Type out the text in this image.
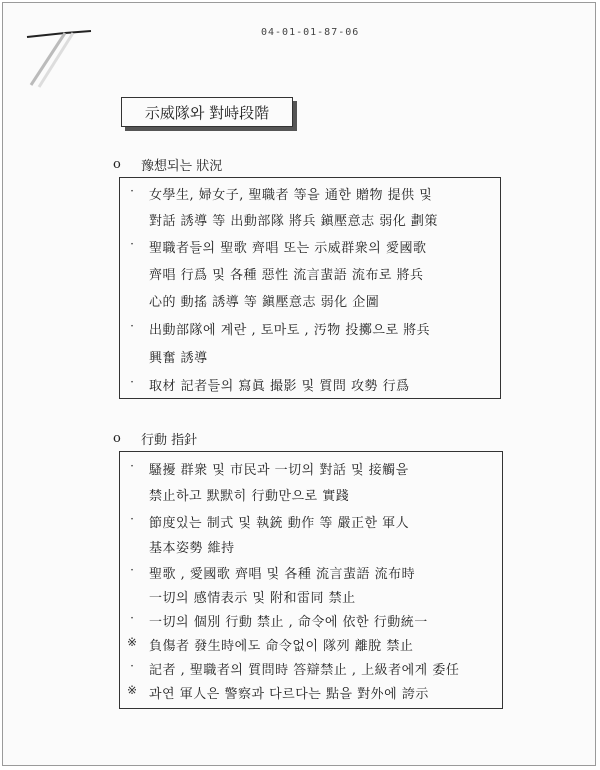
04-01-01-87-06
示威隊와 對峙段階
o	豫想되는 狀況
o	行動 指針
·	女學生, 婦女子, 聖職者 等을 通한 贈物 提供 및
對話 誘導 等 出動部隊 將兵 鎭壓意志 弱化 劃策
·	聖職者들의 聖歌 齊唱 또는 示威群衆의 愛國歌
齊唱 行爲 및 各種 惡性 流言蜚語 流布로 將兵
心的 動搖 誘導 等 鎭壓意志 弱化 企圖
·	出動部隊에 계란 , 토마토 , 汚物 投擲으로 將兵
興奮 誘導
·	取材 記者들의 寫眞 撮影 및 質問 攻勢 行爲
·	騷擾 群衆 및 市民과 一切의 對話 및 接觸을
禁止하고 默默히 行動만으로 實踐
·	節度있는 制式 및 執銃 動作 等 嚴正한 軍人
基本姿勢 維持
·	聖歌 , 愛國歌 齊唱 및 各種 流言蜚語 流布時
一切의 感情表示 및 附和雷同 禁止
·	一切의 個別 行動 禁止 , 命令에 依한 行動統一
※ 負傷者 發生時에도 命令없이 隊列 離脫 禁止
·	記者 , 聖職者의 質問時 答辯禁止 , 上級者에게 委任
※ 과연 軍人은 警察과 다르다는 點을 對外에 誇示
